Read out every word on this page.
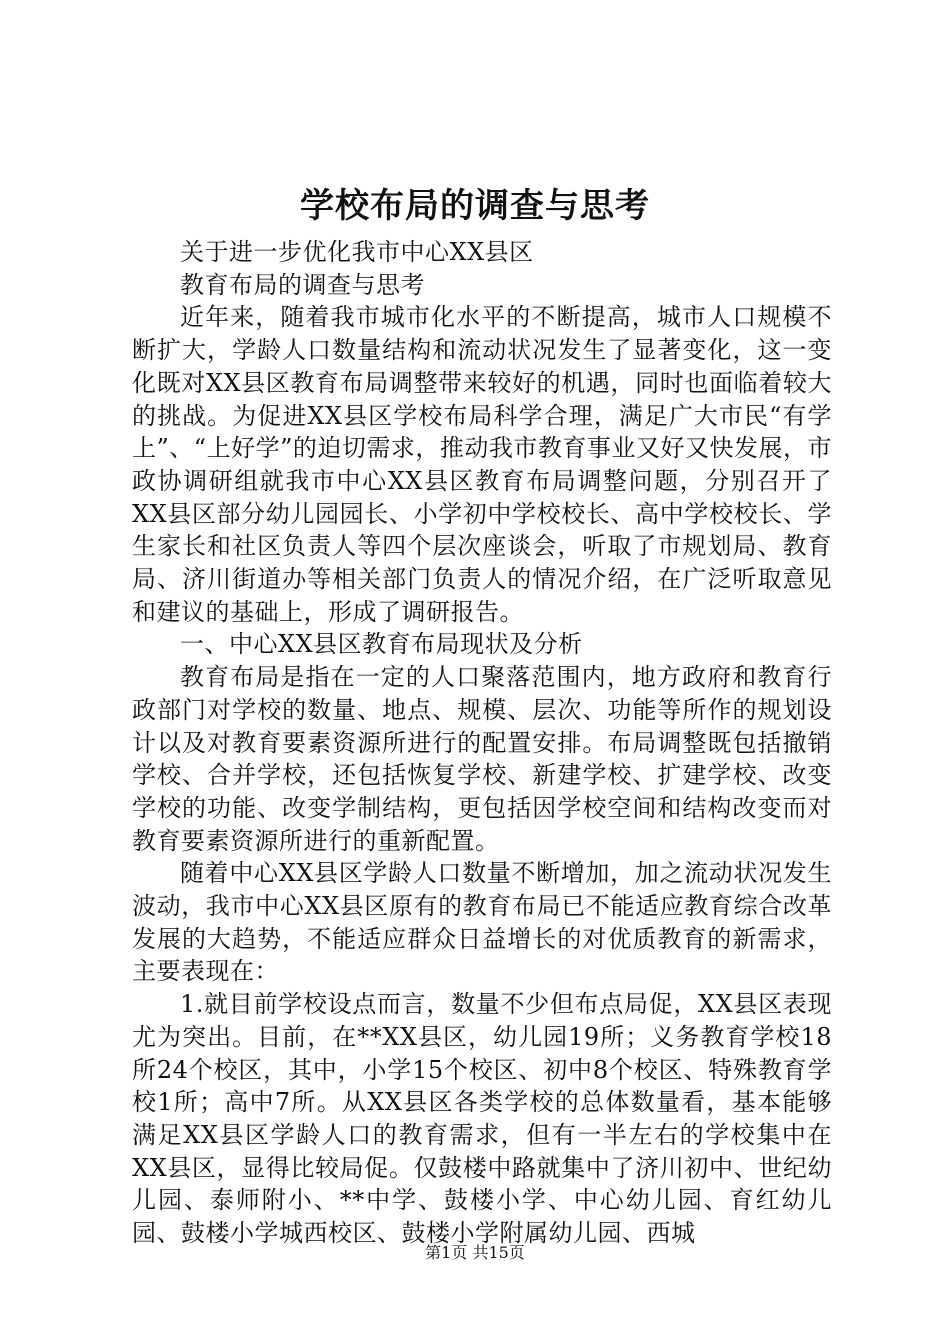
学校布局的调查与思考

关于进一步优化我市中心XX县区

教育布局的调查与思考

近年来，随着我市城市化水平的不断提高，城市人口规模不断扩大，学龄人口数量结构和流动状况发生了显著变化，这一变化既对XX县区教育布局调整带来较好的机遇，同时也面临着较大的挑战。为促进XX县区学校布局科学合理，满足广大市民“有学上”、“上好学”的迫切需求，推动我市教育事业又好又快发展，市政协调研组就我市中心XX县区教育布局调整问题，分别召开了XX县区部分幼儿园园长、小学初中学校校长、高中学校校长、学生家长和社区负责人等四个层次座谈会，听取了市规划局、教育局、济川街道办等相关部门负责人的情况介绍，在广泛听取意见和建议的基础上，形成了调研报告。

一、中心XX县区教育布局现状及分析

教育布局是指在一定的人口聚落范围内，地方政府和教育行政部门对学校的数量、地点、规模、层次、功能等所作的规划设计以及对教育要素资源所进行的配置安排。布局调整既包括撤销学校、合并学校，还包括恢复学校、新建学校、扩建学校、改变学校的功能、改变学制结构，更包括因学校空间和结构改变而对教育要素资源所进行的重新配置。

随着中心XX县区学龄人口数量不断增加，加之流动状况发生波动，我市中心XX县区原有的教育布局已不能适应教育综合改革发展的大趋势，不能适应群众日益增长的对优质教育的新需求，主要表现在：

1.就目前学校设点而言，数量不少但布点局促，XX县区表现尤为突出。目前，在**XX县区，幼儿园19所；义务教育学校18所24个校区，其中，小学15个校区、初中8个校区、特殊教育学校1所；高中7所。从XX县区各类学校的总体数量看，基本能够满足XX县区学龄人口的教育需求，但有一半左右的学校集中在XX县区，显得比较局促。仅鼓楼中路就集中了济川初中、世纪幼儿园、泰师附小、**中学、鼓楼小学、中心幼儿园、育红幼儿园、鼓楼小学城西校区、鼓楼小学附属幼儿园、西城

第1页 共15页
